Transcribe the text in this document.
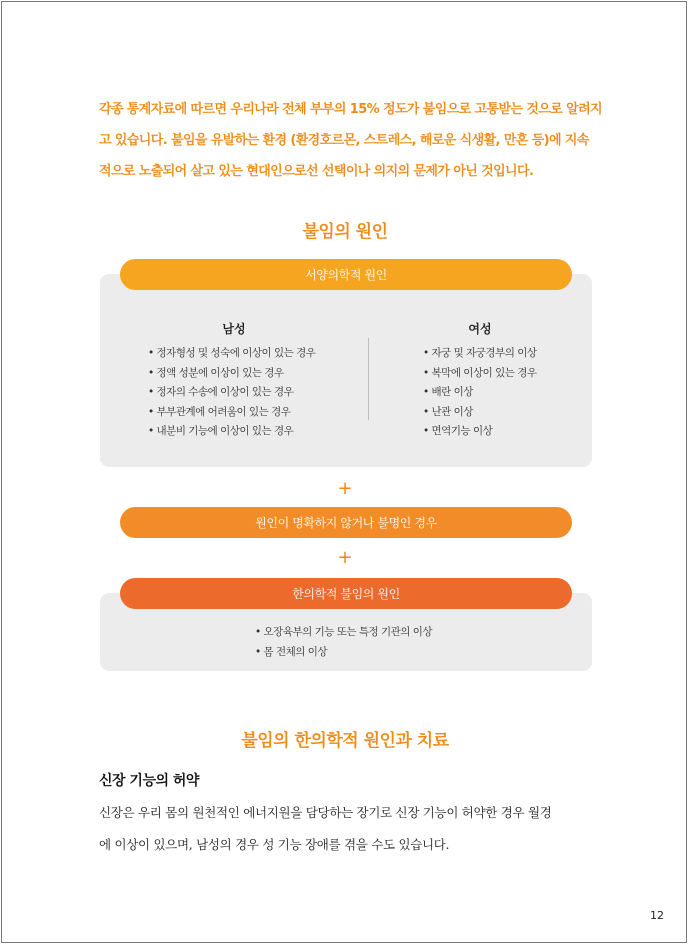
각종 통계자료에 따르면 우리나라 전체 부부의 15% 정도가 불임으로 고통받는 것으로 알려지
고 있습니다. 불임을 유발하는 환경 (환경호르몬, 스트레스, 해로운 식생활, 만혼 등)에 지속
적으로 노출되어 살고 있는 현대인으로선 선택이나 의지의 문제가 아닌 것입니다.
불임의 원인
서양의학적 원인
남성	여성
• 정자형성 및 성숙에 이상이 있는 경우
• 정액 성분에 이상이 있는 경우
• 정자의 수송에 이상이 있는 경우
• 부부관계에 어려움이 있는 경우
• 내분비 기능에 이상이 있는 경우
• 자궁 및 자궁경부의 이상
• 복막에 이상이 있는 경우
• 배란 이상
• 난관 이상
• 면역기능 이상
+
원인이 명확하지 않거나 불명인 경우
+
한의학적 불임의 원인
• 오장육부의 기능 또는 특정 기관의 이상
• 몸 전체의 이상
불임의 한의학적 원인과 치료
신장 기능의 허약
신장은 우리 몸의 원천적인 에너지원을 담당하는 장기로 신장 기능이 허약한 경우 월경
에 이상이 있으며, 남성의 경우 성 기능 장애를 겪을 수도 있습니다.
12
